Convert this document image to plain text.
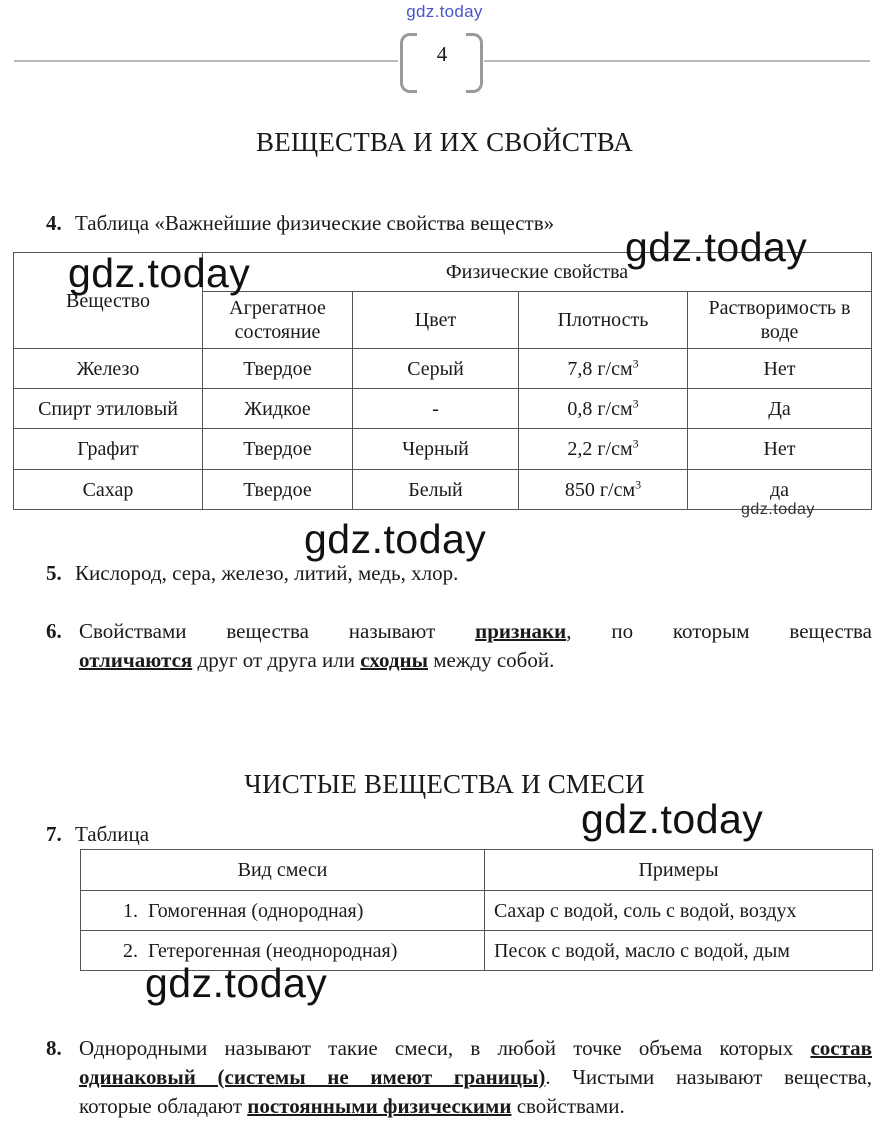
gdz.today
4
ВЕЩЕСТВА И ИХ СВОЙСТВА
4. Таблица «Важнейшие физические свойства веществ»
Вещество	Физические свойства			
	Агрегатное состояние	Цвет	Плотность	Растворимость в воде
Железо	Твердое	Серый	7,8 $г/см^3$	Нет
Спирт этиловый	Жидкое	-	0,8 $г/см^3$	Да
Графит	Твердое	Черный	2,2 $г/см^3$	Нет
Сахар	Твердое	Белый	850 $г/см^3$	да
5. Кислород, сера, железо, литий, медь, хлор.
6. Свойствами вещества называют признаки, по которым вещества
отличаются друг от друга или сходны между собой.
ЧИСТЫЕ ВЕЩЕСТВА И СМЕСИ
7. Таблица
Вид смеси	Примеры
1.  Гомогенная (однородная)	Сахар с водой, соль с водой, воздух
2.  Гетерогенная (неоднородная)	Песок с водой, масло с водой, дым
8. Однородными называют такие смеси, в любой точке объема которых состав
одинаковый (системы не имеют границы). Чистыми называют вещества,
которые обладают постоянными физическими свойствами.
gdz.today
gdz.today
gdz.today
gdz.today
gdz.today
gdz.today
